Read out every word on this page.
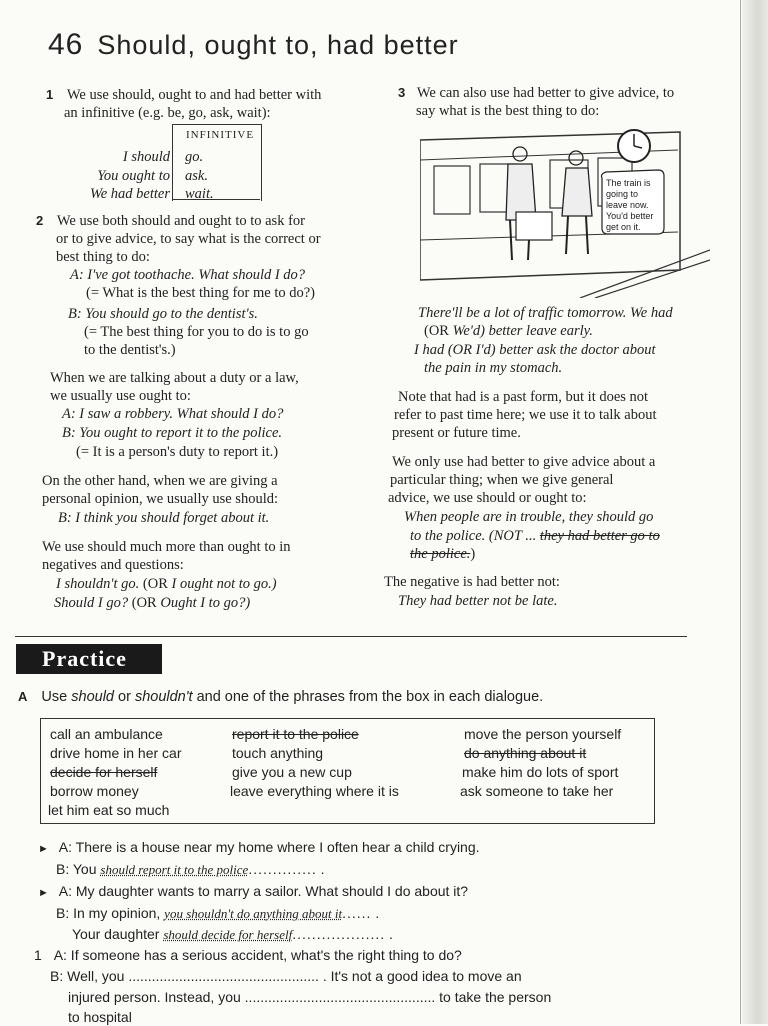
46 Should, ought to, had better
1 We use should, ought to and had better with
an infinitive (e.g. be, go, ask, wait):
INFINITIVE
I should go.
You ought to ask.
We had better wait.
2 We use both should and ought to to ask for
or to give advice, to say what is the correct or
best thing to do:
A: I've got toothache. What should I do?
(= What is the best thing for me to do?)
B: You should go to the dentist's.
(= The best thing for you to do is to go
to the dentist's.)
When we are talking about a duty or a law,
we usually use ought to:
A: I saw a robbery. What should I do?
B: You ought to report it to the police.
(= It is a person's duty to report it.)
On the other hand, when we are giving a
personal opinion, we usually use should:
B: I think you should forget about it.
We use should much more than ought to in
negatives and questions:
I shouldn't go. (OR I ought not to go.)
Should I go? (OR Ought I to go?)
3 We can also use had better to give advice, to
say what is the best thing to do:
The train is going to leave now. You'd better get on it.
There'll be a lot of traffic tomorrow. We had
(OR We'd) better leave early.
I had (OR I'd) better ask the doctor about
the pain in my stomach.
Note that had is a past form, but it does not
refer to past time here; we use it to talk about
present or future time.
We only use had better to give advice about a
particular thing; when we give general
advice, we use should or ought to:
When people are in trouble, they should go
to the police. (NOT ... they had better go to
the police.)
The negative is had better not:
They had better not be late.
Practice
A Use should or shouldn't and one of the phrases from the box in each dialogue.
call an ambulance
drive home in her car
decide for herself
borrow money
let him eat so much
report it to the police
touch anything
give you a new cup
leave everything where it is
move the person yourself
do anything about it
make him do lots of sport
ask someone to take her
► A: There is a house near my home where I often hear a child crying.
B: You should report it to the police.............. .
► A: My daughter wants to marry a sailor. What should I do about it?
B: In my opinion, you shouldn't do anything about it...... .
Your daughter should decide for herself................... .
1 A: If someone has a serious accident, what's the right thing to do?
B: Well, you ................................................. . It's not a good idea to move an
injured person. Instead, you ................................................. to take the person
to hospital
